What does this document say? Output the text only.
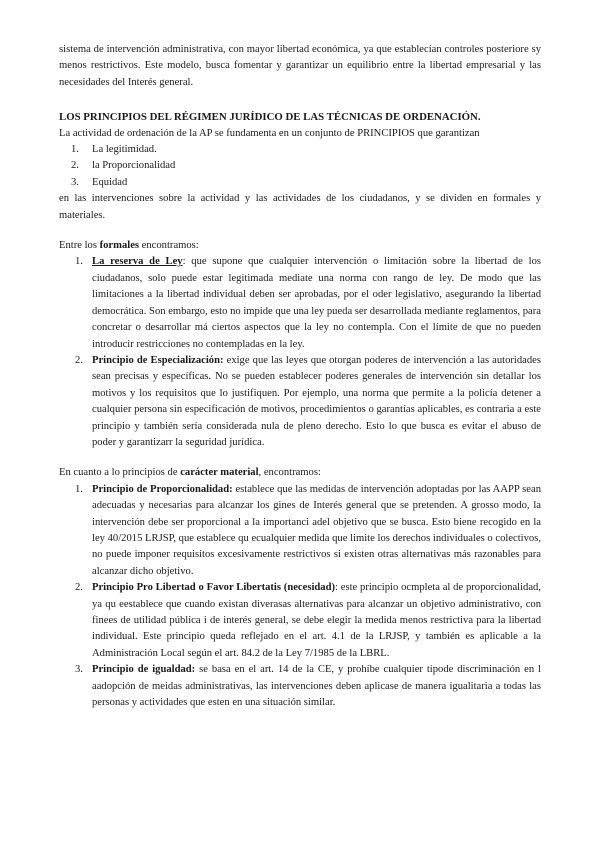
sistema de intervención administrativa, con mayor libertad económica, ya que establecían controles posteriore sy menos restrictivos. Este modelo, busca fomentar y garantizar un equilibrio entre la libertad empresarial y las necesidades del Interés general.

LOS PRINCIPIOS DEL RÉGIMEN JURÍDICO DE LAS TÉCNICAS DE ORDENACIÓN.

La actividad de ordenación de la AP se fundamenta en un conjunto de PRINCIPIOS que garantizan

1.	La legitimidad.
2.	la Proporcionalidad
3.	Equidad

en las intervenciones sobre la actividad y las actividades de los ciudadanos, y se dividen en formales y materiales.

Entre los formales encontramos:

1. La reserva de Ley: que supone que cualquier intervención o limitación sobre la libertad de los ciudadanos, solo puede estar legitimada mediate una norma con rango de ley. De modo que las limitaciones a la libertad individual deben ser aprobadas, por el oder legislativo, asegurando la libertad democrática. Son embargo, esto no impide que una ley pueda ser desarrollada mediante reglamentos, para concretar o desarrollar má ciertos aspectos que la ley no contempla. Con el límite de que no pueden introducir restricciones no contempladas en la ley.
2. Principio de Especialización: exige que las leyes que otorgan poderes de intervención a las autoridades sean precisas y específicas. No se pueden establecer poderes generales de intervención sin detallar los motivos y los requisitos que lo justifiquen. Por ejemplo, una norma que permite a la policía detener a cualquier persona sin especificación de motivos, procedimientos o garantías aplicables, es contraria a este principio y también sería considerada nula de pleno derecho. Esto lo que busca es evitar el abuso de poder y garantizarr la seguridad jurídica.

En cuanto a lo principios de carácter material, encontramos:

1. Principio de Proporcionalidad: establece que las medidas de intervención adoptadas por las AAPP sean adecuadas y necesarias para alcanzar los gines de Interés general que se pretenden. A grosso modo, la intervención debe ser proporcional a la importanci adel objetivo que se busca. Esto biene recogido en la ley 40/2015 LRJSP, que establece qu ecualquier medida que limite los derechos individuales o colectivos, no puede imponer requisitos excesivamente restrictivos si existen otras alternativas más razonables para alcanzar dicho objetivo.
2. Principio Pro Libertad o Favor Libertatis (necesidad): este principio ocmpleta al de proporcionalidad, ya qu eestablece que cuando existan diverasas alternativas para alcanzar un objetivo administrativo, con finees de utilidad pública i de interés general, se debe elegir la medida menos restrictiva para la libertad individual. Este principio queda reflejado en el art. 4.1 de la LRJSP, y también es aplicable a la Administración Local según el art. 84.2 de la Ley 7/1985 de la LBRL.
3. Principio de igualdad: se basa en el art. 14 de la CE, y prohíbe cualquier tipode discriminación en l aadopción de meidas administrativas, las intervenciones deben aplicase de manera igualitaria a todas las personas y actividades que esten en una situación similar.
